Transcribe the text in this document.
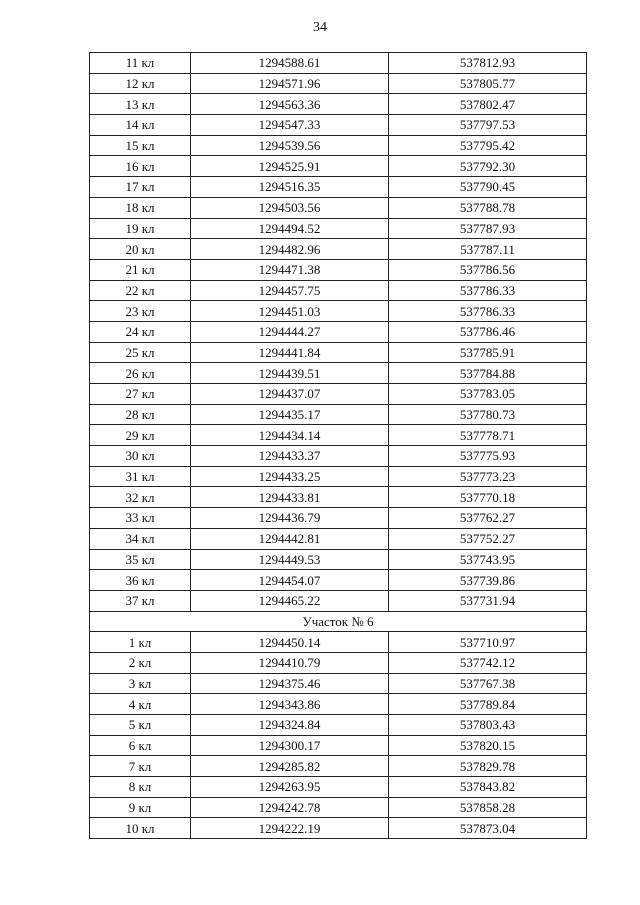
34
11 кл	1294588.61	537812.93
12 кл	1294571.96	537805.77
13 кл	1294563.36	537802.47
14 кл	1294547.33	537797.53
15 кл	1294539.56	537795.42
16 кл	1294525.91	537792.30
17 кл	1294516.35	537790.45
18 кл	1294503.56	537788.78
19 кл	1294494.52	537787.93
20 кл	1294482.96	537787.11
21 кл	1294471.38	537786.56
22 кл	1294457.75	537786.33
23 кл	1294451.03	537786.33
24 кл	1294444.27	537786.46
25 кл	1294441.84	537785.91
26 кл	1294439.51	537784.88
27 кл	1294437.07	537783.05
28 кл	1294435.17	537780.73
29 кл	1294434.14	537778.71
30 кл	1294433.37	537775.93
31 кл	1294433.25	537773.23
32 кл	1294433.81	537770.18
33 кл	1294436.79	537762.27
34 кл	1294442.81	537752.27
35 кл	1294449.53	537743.95
36 кл	1294454.07	537739.86
37 кл	1294465.22	537731.94
Участок № 6		
1 кл	1294450.14	537710.97
2 кл	1294410.79	537742.12
3 кл	1294375.46	537767.38
4 кл	1294343.86	537789.84
5 кл	1294324.84	537803.43
6 кл	1294300.17	537820.15
7 кл	1294285.82	537829.78
8 кл	1294263.95	537843.82
9 кл	1294242.78	537858.28
10 кл	1294222.19	537873.04
